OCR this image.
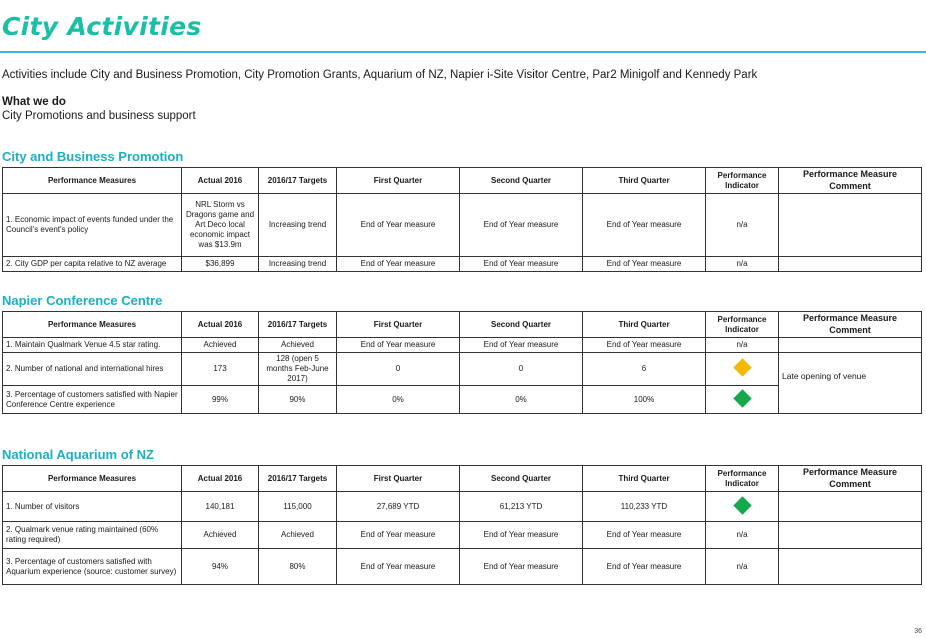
City Activities
Activities include City and Business Promotion, City Promotion Grants, Aquarium of NZ, Napier i-Site Visitor Centre, Par2 Minigolf and Kennedy Park
What we do
City Promotions and business support
City and Business Promotion
Performance Measures	Actual 2016	2016/17 Targets	First Quarter	Second Quarter	Third Quarter	Performance Indicator	Performance Measure Comment
1. Economic impact of events funded under the Council's event's policy	NRL Storm vs Dragons game and Art Deco local economic impact was $13.9m	Increasing trend	End of Year measure	End of Year measure	End of Year measure	n/a	
2. City GDP per capita relative to NZ average	$36,899	Increasing trend	End of Year measure	End of Year measure	End of Year measure	n/a	
Napier Conference Centre
Performance Measures	Actual 2016	2016/17 Targets	First Quarter	Second Quarter	Third Quarter	Performance Indicator	Performance Measure Comment
1. Maintain Qualmark Venue 4.5 star rating.	Achieved	Achieved	End of Year measure	End of Year measure	End of Year measure	n/a	
2. Number of national and international hires	173	128 (open 5 months Feb-June 2017)	0	0	6		Late opening of venue
3. Percentage of customers satisfied with Napier Conference Centre experience	99%	90%	0%	0%	100%		
National Aquarium of NZ
Performance Measures	Actual 2016	2016/17 Targets	First Quarter	Second Quarter	Third Quarter	Performance Indicator	Performance Measure Comment
1. Number of visitors	140,181	115,000	27,689 YTD	61,213 YTD	110,233 YTD		
2. Qualmark venue rating maintained (60% rating required)	Achieved	Achieved	End of Year measure	End of Year measure	End of Year measure	n/a	
3. Percentage of customers satisfied with Aquarium experience (source: customer survey)	94%	80%	End of Year measure	End of Year measure	End of Year measure	n/a	
36
